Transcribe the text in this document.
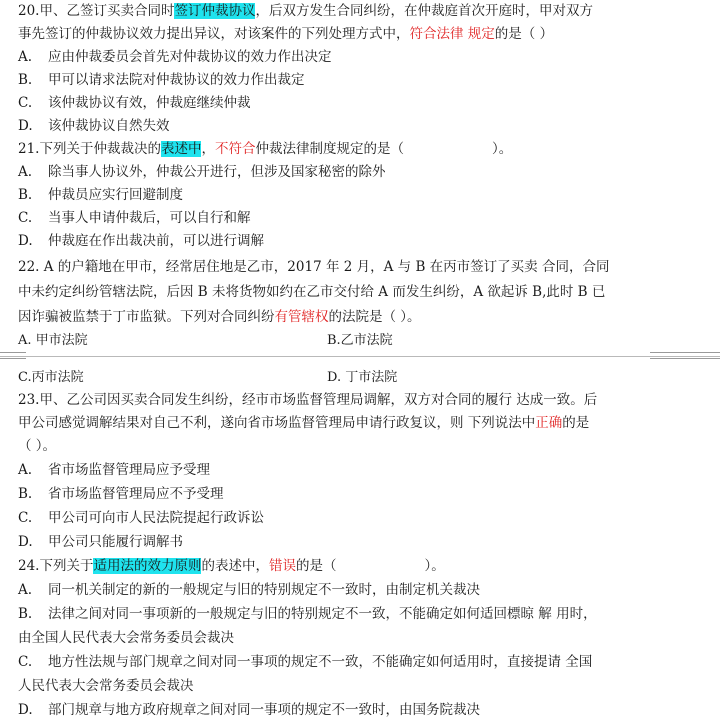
20.甲、乙签订买卖合同时签订仲裁协议，后双方发生合同纠纷，在仲裁庭首次开庭时，甲对双方
事先签订的仲裁协议效力提出异议，对该案件的下列处理方式中，符合法律 规定的是（ ）
A. 应由仲裁委员会首先对仲裁协议的效力作出决定
B. 甲可以请求法院对仲裁协议的效力作出裁定
C. 该仲裁协议有效，仲裁庭继续仲裁
D. 该仲裁协议自然失效
21.下列关于仲裁裁决的表述中，不符合仲裁法律制度规定的是（	）。
A. 除当事人协议外，仲裁公开进行，但涉及国家秘密的除外
B. 仲裁员应实行回避制度
C. 当事人申请仲裁后，可以自行和解
D. 仲裁庭在作出裁决前，可以进行调解
22. A 的户籍地在甲市，经常居住地是乙市，2017 年 2 月，A 与 B 在丙市签订了买卖 合同，合同
中未约定纠纷管辖法院，后因 B 未将货物如约在乙市交付给 A 而发生纠纷，A 欲起诉 B,此时 B 已
因诈骗被监禁于丁市监狱。下列对合同纠纷有管辖权的法院是（ ）。
A. 甲市法院	B.乙市法院
C.丙市法院	D. 丁市法院
23.甲、乙公司因买卖合同发生纠纷，经市市场监督管理局调解，双方对合同的履行 达成一致。后
甲公司感觉调解结果对自己不利，遂向省市场监督管理局申请行政复议，则 下列说法中正确的是
（ ）。
A. 省市场监督管理局应予受理
B. 省市场监督管理局应不予受理
C. 甲公司可向市人民法院提起行政诉讼
D. 甲公司只能履行调解书
24.下列关于适用法的效力原则的表述中，错误的是（	）。
A. 同一机关制定的新的一般规定与旧的特别规定不一致时，由制定机关裁决
B. 法律之间对同一事项新的一般规定与旧的特别规定不一致，不能确定如何适回標晾 解 用时，
由全国人民代表大会常务委员会裁决
C. 地方性法规与部门规章之间对同一事项的规定不一致，不能确定如何适用时，直接提请 全国
人民代表大会常务委员会裁决
D. 部门规章与地方政府规章之间对同一事项的规定不一致时，由国务院裁决
